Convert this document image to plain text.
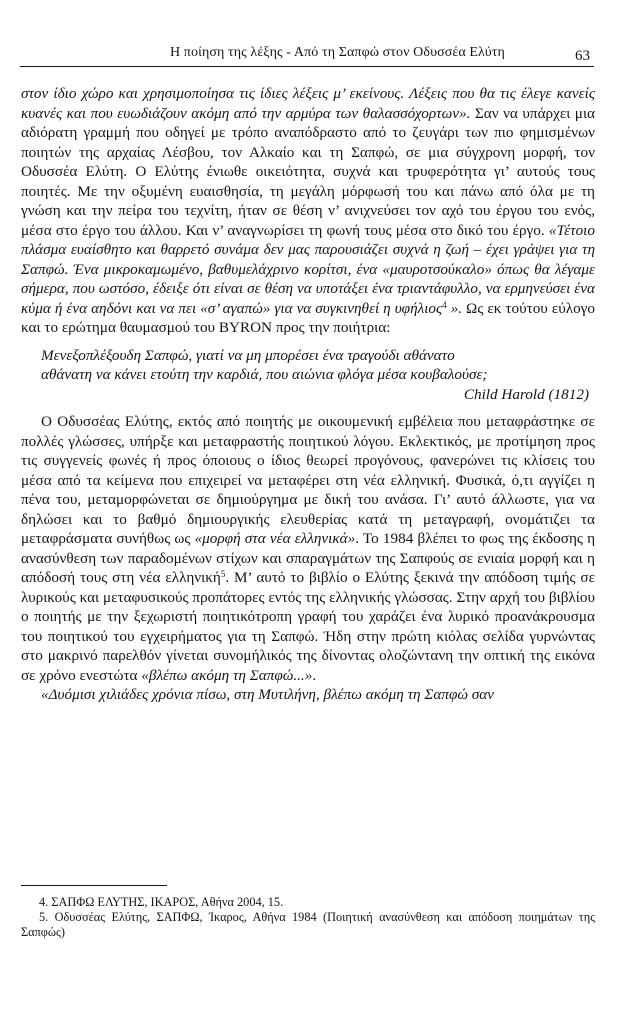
Η ποίηση της λέξης - Από τη Σαπφώ στον Οδυσσέα Ελύτη	63

στον ίδιο χώρο και χρησιμοποίησα τις ίδιες λέξεις μ’ εκείνους. Λέξεις που θα τις έλεγε κανείς κυανές και που ευωδιάζουν ακόμη από την αρμύρα των θαλασσόχορτων». Σαν να υπάρχει μια αδιόρατη γραμμή που οδηγεί με τρόπο αναπόδραστο από το ζευγάρι των πιο φημισμένων ποιητών της αρχαίας Λέσβου, τον Αλκαίο και τη Σαπφώ, σε μια σύγχρονη μορφή, τον Οδυσσέα Ελύτη. Ο Ελύτης ένιωθε οικειότητα, συχνά και τρυφερότητα γι’ αυτούς τους ποιητές. Με την οξυμένη ευαισθησία, τη μεγάλη μόρφωσή του και πάνω από όλα με τη γνώση και την πείρα του τεχνίτη, ήταν σε θέση ν’ ανιχνεύσει τον αχό του έργου του ενός, μέσα στο έργο του άλλου. Και ν’ αναγνωρίσει τη φωνή τους μέσα στο δικό του έργο. «Τέτοιο πλάσμα ευαίσθητο και θαρρετό συνάμα δεν μας παρουσιάζει συχνά η ζωή – έχει γράψει για τη Σαπφώ. Ένα μικροκαμωμένο, βαθυμελάχρινο κορίτσι, ένα «μαυροτσούκαλο» όπως θα λέγαμε σήμερα, που ωστόσο, έδειξε ότι είναι σε θέση να υποτάξει ένα τριαντάφυλλο, να ερμηνεύσει ένα κύμα ή ένα αηδόνι και να πει «σ’ αγαπώ» για να συγκινηθεί η υφήλιος$^4$ ». Ως εκ τούτου εύλογο και το ερώτημα θαυμασμού του BYRON προς την ποιήτρια:

Μενεξοπλέξουδη Σαπφώ, γιατί να μη μπορέσει ένα τραγούδι αθάνατο
αθάνατη να κάνει ετούτη την καρδιά, που αιώνια φλόγα μέσα κουβαλούσε;
Child Harold (1812)

Ο Οδυσσέας Ελύτης, εκτός από ποιητής με οικουμενική εμβέλεια που μεταφράστηκε σε πολλές γλώσσες, υπήρξε και μεταφραστής ποιητικού λόγου. Εκλεκτικός, με προτίμηση προς τις συγγενείς φωνές ή προς όποιους ο ίδιος θεωρεί προγόνους, φανερώνει τις κλίσεις του μέσα από τα κείμενα που επιχειρεί να μεταφέρει στη νέα ελληνική. Φυσικά, ό,τι αγγίζει η πένα του, μεταμορφώνεται σε δημιούργημα με δική του ανάσα. Γι’ αυτό άλλωστε, για να δηλώσει και το βαθμό δημιουργικής ελευθερίας κατά τη μεταγραφή, ονομάτιζει τα μεταφράσματα συνήθως ως «μορφή στα νέα ελληνικά». Το 1984 βλέπει το φως της έκδοσης η ανασύνθεση των παραδομένων στίχων και σπαραγμάτων της Σαπφούς σε ενιαία μορφή και η απόδοσή τους στη νέα ελληνική$^5$. Μ’ αυτό το βιβλίο ο Ελύτης ξεκινά την απόδοση τιμής σε λυρικούς και μεταφυσικούς προπάτορες εντός της ελληνικής γλώσσας. Στην αρχή του βιβλίου ο ποιητής με την ξεχωριστή ποιητικότροπη γραφή του χαράζει ένα λυρικό προανάκρουσμα του ποιητικού του εγχειρήματος για τη Σαπφώ. Ήδη στην πρώτη κιόλας σελίδα γυρνώντας στο μακρινό παρελθόν γίνεται συνομήλικός της δίνοντας ολοζώντανη την οπτική της εικόνα σε χρόνο ενεστώτα «βλέπω ακόμη τη Σαπφώ...».

«Δυόμισι χιλιάδες χρόνια πίσω, στη Μυτιλήνη, βλέπω ακόμη τη Σαπφώ σαν

4. ΣΑΠΦΩ ΕΛΥΤΗΣ, ΙΚΑΡΟΣ, Αθήνα 2004, 15.

5. Οδυσσέας Ελύτης, ΣΑΠΦΩ, Ίκαρος, Αθήνα 1984 (Ποιητική ανασύνθεση και απόδοση ποιημάτων της Σαπφώς)
